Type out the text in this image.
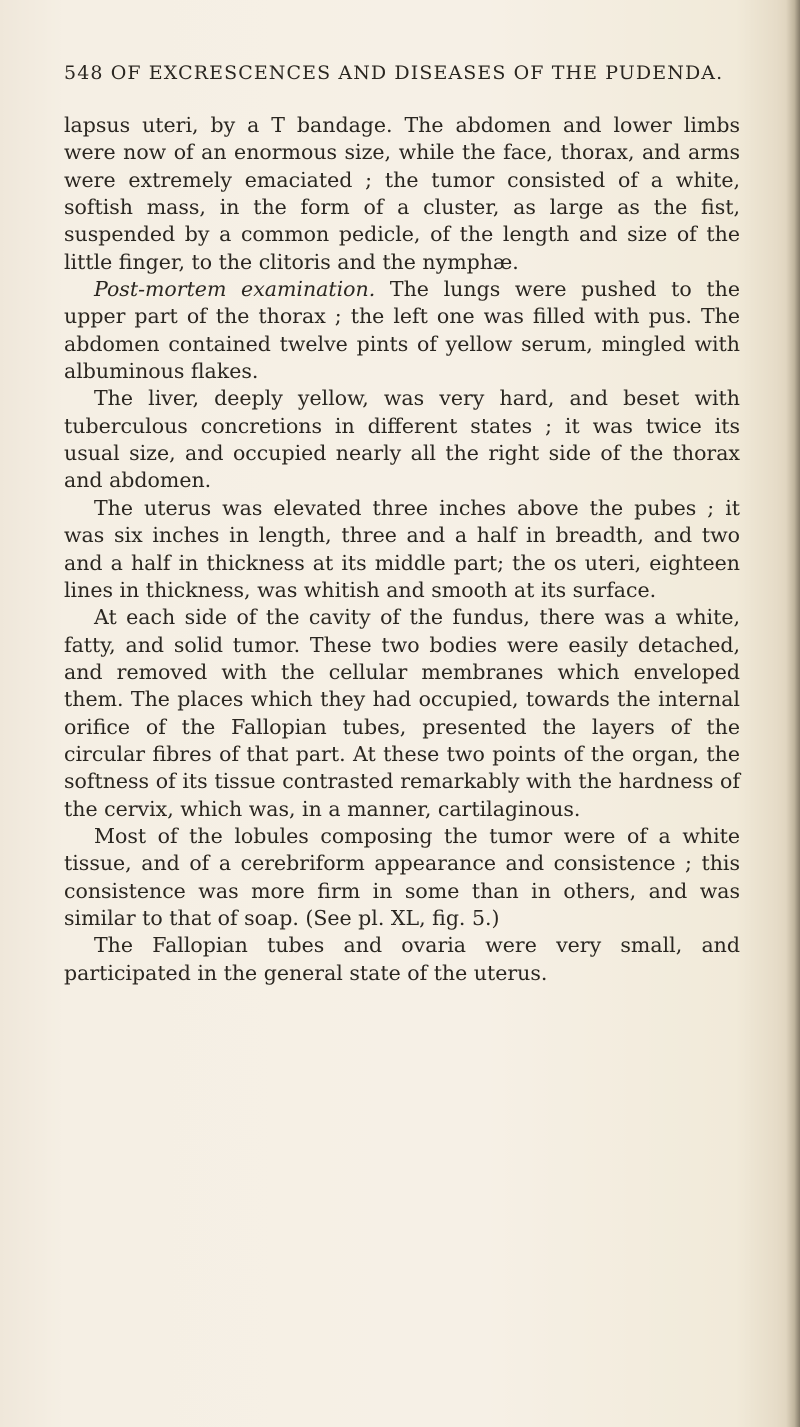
548 OF EXCRESCENCES AND DISEASES OF THE PUDENDA.

lapsus uteri, by a T bandage. The abdomen and lower limbs were now of an enormous size, while the face, thorax, and arms were extremely emaciated ; the tumor consisted of a white, softish mass, in the form of a cluster, as large as the fist, suspended by a common pedicle, of the length and size of the little finger, to the clitoris and the nymphæ.

Post-mortem examination. The lungs were pushed to the upper part of the thorax ; the left one was filled with pus. The abdomen contained twelve pints of yellow serum, mingled with albuminous flakes.

The liver, deeply yellow, was very hard, and beset with tuberculous concretions in different states ; it was twice its usual size, and occupied nearly all the right side of the thorax and abdomen.

The uterus was elevated three inches above the pubes ; it was six inches in length, three and a half in breadth, and two and a half in thickness at its middle part; the os uteri, eighteen lines in thickness, was whitish and smooth at its surface.

At each side of the cavity of the fundus, there was a white, fatty, and solid tumor. These two bodies were easily detached, and removed with the cellular membranes which enveloped them. The places which they had occupied, towards the internal orifice of the Fallopian tubes, presented the layers of the circular fibres of that part. At these two points of the organ, the softness of its tissue contrasted remarkably with the hardness of the cervix, which was, in a manner, cartilaginous.

Most of the lobules composing the tumor were of a white tissue, and of a cerebriform appearance and consistence ; this consistence was more firm in some than in others, and was similar to that of soap. (See pl. XL, fig. 5.)

The Fallopian tubes and ovaria were very small, and participated in the general state of the uterus.
